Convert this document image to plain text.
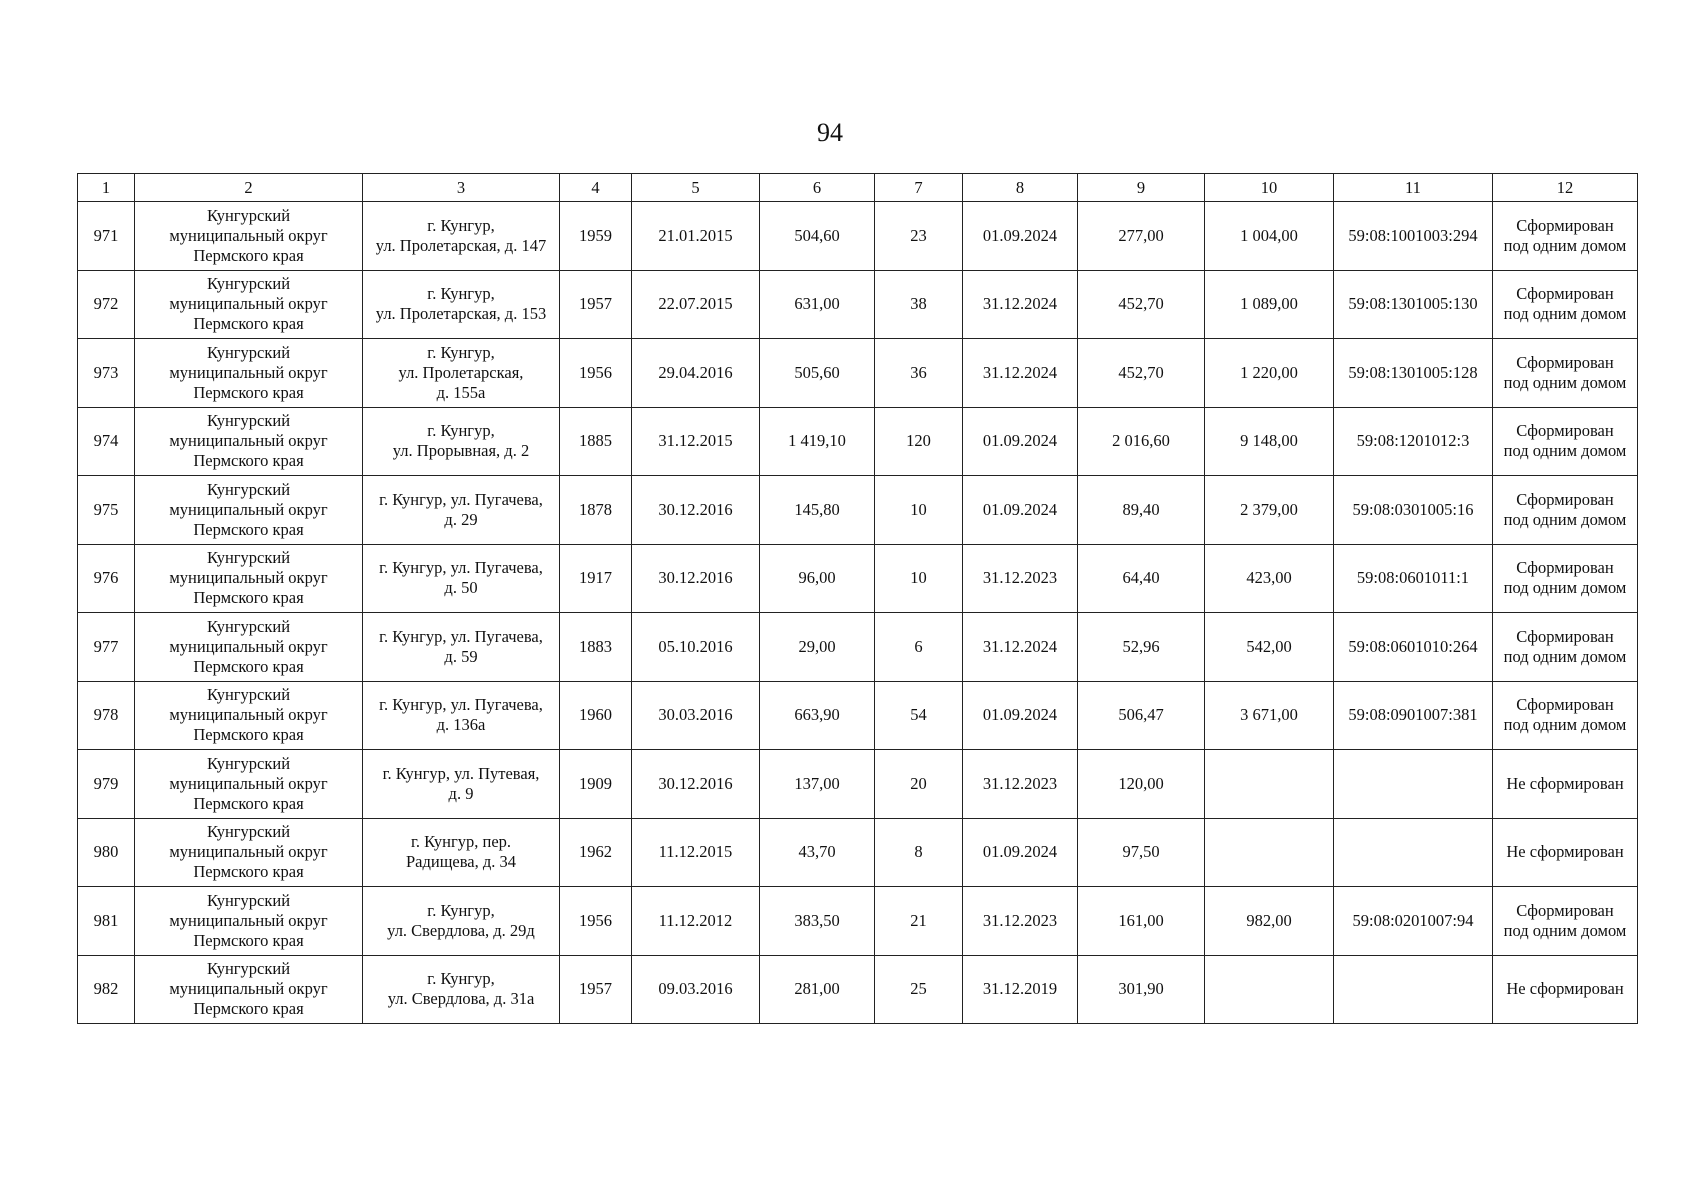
94
1	2	3	4	5	6	7	8	9	10	11	12

971	Кунгурский
муниципальный округ
Пермского края	г. Кунгур,
ул. Пролетарская, д. 147	1959	21.01.2015	504,60	23	01.09.2024	277,00	1 004,00	59:08:1001003:294	Сформирован
под одним домом

972	Кунгурский
муниципальный округ
Пермского края	г. Кунгур,
ул. Пролетарская, д. 153	1957	22.07.2015	631,00	38	31.12.2024	452,70	1 089,00	59:08:1301005:130	Сформирован
под одним домом

973	Кунгурский
муниципальный округ
Пермского края	г. Кунгур,
ул. Пролетарская,
д. 155а	1956	29.04.2016	505,60	36	31.12.2024	452,70	1 220,00	59:08:1301005:128	Сформирован
под одним домом

974	Кунгурский
муниципальный округ
Пермского края	г. Кунгур,
ул. Прорывная, д. 2	1885	31.12.2015	1 419,10	120	01.09.2024	2 016,60	9 148,00	59:08:1201012:3	Сформирован
под одним домом

975	Кунгурский
муниципальный округ
Пермского края	г. Кунгур, ул. Пугачева,
д. 29	1878	30.12.2016	145,80	10	01.09.2024	89,40	2 379,00	59:08:0301005:16	Сформирован
под одним домом

976	Кунгурский
муниципальный округ
Пермского края	г. Кунгур, ул. Пугачева,
д. 50	1917	30.12.2016	96,00	10	31.12.2023	64,40	423,00	59:08:0601011:1	Сформирован
под одним домом

977	Кунгурский
муниципальный округ
Пермского края	г. Кунгур, ул. Пугачева,
д. 59	1883	05.10.2016	29,00	6	31.12.2024	52,96	542,00	59:08:0601010:264	Сформирован
под одним домом

978	Кунгурский
муниципальный округ
Пермского края	г. Кунгур, ул. Пугачева,
д. 136а	1960	30.03.2016	663,90	54	01.09.2024	506,47	3 671,00	59:08:0901007:381	Сформирован
под одним домом

979	Кунгурский
муниципальный округ
Пермского края	г. Кунгур, ул. Путевая,
д. 9	1909	30.12.2016	137,00	20	31.12.2023	120,00			Не сформирован

980	Кунгурский
муниципальный округ
Пермского края	г. Кунгур, пер.
Радищева, д. 34	1962	11.12.2015	43,70	8	01.09.2024	97,50			Не сформирован

981	Кунгурский
муниципальный округ
Пермского края	г. Кунгур,
ул. Свердлова, д. 29д	1956	11.12.2012	383,50	21	31.12.2023	161,00	982,00	59:08:0201007:94	Сформирован
под одним домом

982	Кунгурский
муниципальный округ
Пермского края	г. Кунгур,
ул. Свердлова, д. 31а	1957	09.03.2016	281,00	25	31.12.2019	301,90			Не сформирован
